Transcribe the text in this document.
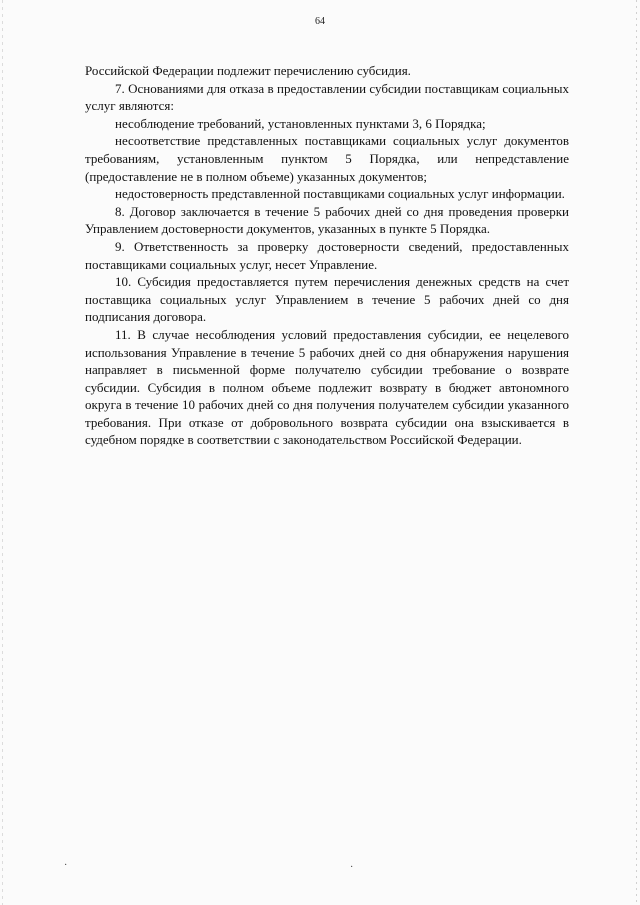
64

Российской Федерации подлежит перечислению субсидия.

7. Основаниями для отказа в предоставлении субсидии поставщикам социальных услуг являются:

несоблюдение требований, установленных пунктами 3, 6 Порядка;

несоответствие представленных поставщиками социальных услуг документов требованиям, установленным пунктом 5 Порядка, или непредставление (предоставление не в полном объеме) указанных документов;

недостоверность представленной поставщиками социальных услуг информации.

8. Договор заключается в течение 5 рабочих дней со дня проведения проверки Управлением достоверности документов, указанных в пункте 5 Порядка.

9. Ответственность за проверку достоверности сведений, предоставленных поставщиками социальных услуг, несет Управление.

10. Субсидия предоставляется путем перечисления денежных средств на счет поставщика социальных услуг Управлением в течение 5 рабочих дней со дня подписания договора.

11. В случае несоблюдения условий предоставления субсидии, ее нецелевого использования Управление в течение 5 рабочих дней со дня обнаружения нарушения направляет в письменной форме получателю субсидии требование о возврате субсидии. Субсидия в полном объеме подлежит возврату в бюджет автономного округа в течение 10 рабочих дней со дня получения получателем субсидии указанного требования. При отказе от добровольного возврата субсидии она взыскивается в судебном порядке в соответствии с законодательством Российской Федерации.

·	·
